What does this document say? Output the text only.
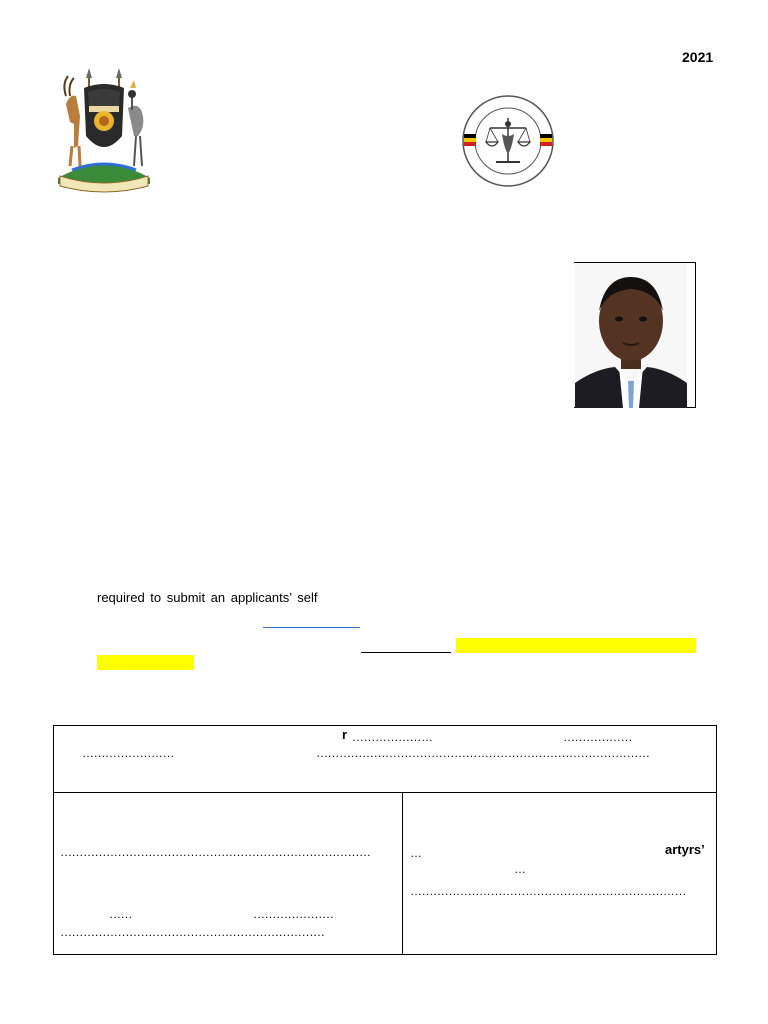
2021
required to submit an applicants’ self
r …………………	………………
……………………	……………………………………………………………………………
………………………………………………………………………
……	…………………
……………………………………………………………
…	artyrs’
…
………………………………………………………………
